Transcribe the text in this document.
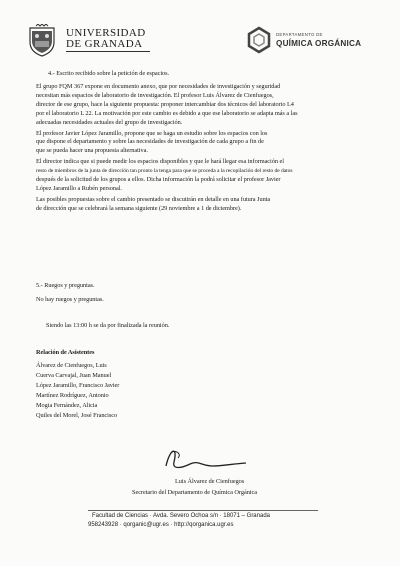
UNIVERSIDAD
DE GRANADA
DEPARTAMENTO DE
QUÍMICA ORGÁNICA
4.- Escrito recibido sobre la petición de espacios.
El grupo FQM 367 expone en documento anexo, que por necesidades de investigación y seguridad
necesitan más espacios de laboratorio de investigación. El profesor Luis Álvarez de Cienfuegos,
director de ese grupo, hace la siguiente propuesta: proponer intercambiar dos técnicos del laboratorio L4
por el laboratorio L 22. La motivación por este cambio es debido a que ese laboratorio se adapta más a las
adecuadas necesidades actuales del grupo de investigación.
El profesor Javier López Jaramillo, propone que se haga un estudio sobre los espacios con los
que dispone el departamento y sobre las necesidades de investigación de cada grupo a fin de
que se pueda hacer una propuesta alternativa.
El director indica que si puede medir los espacios disponibles y que le hará llegar esa información el
resto de miembros de la junta de dirección tan pronto la tenga para que se proceda a la recopilación del resto de datos
después de la solicitud de los grupos a ellos. Dicha información la podrá solicitar el profesor Javier
López Jaramillo a Rubén personal.
Las posibles propuestas sobre el cambio presentado se discutirán en detalle en una futura Junta
de dirección que se celebrará la semana siguiente (29 noviembre a 1 de diciembre).
5.- Ruegos y preguntas.
No hay ruegos y preguntas.
Siendo las 13:00 h se da por finalizada la reunión.
Relación de Asistentes
Álvarez de Cienfuegos, Luis
Cuerva Carvajal, Juan Manuel
López Jaramillo, Francisco Javier
Martínez Rodríguez, Antonio
Mogia Fernández, Alicia
Quiles del Morel, José Francisco
Luis Álvarez de Cienfuegos
Secretario del Departamento de Química Orgánica
Facultad de Ciencias · Avda. Severo Ochoa s/n · 18071 – Granada
958243928 · qorganic@ugr.es · http://qorganica.ugr.es
